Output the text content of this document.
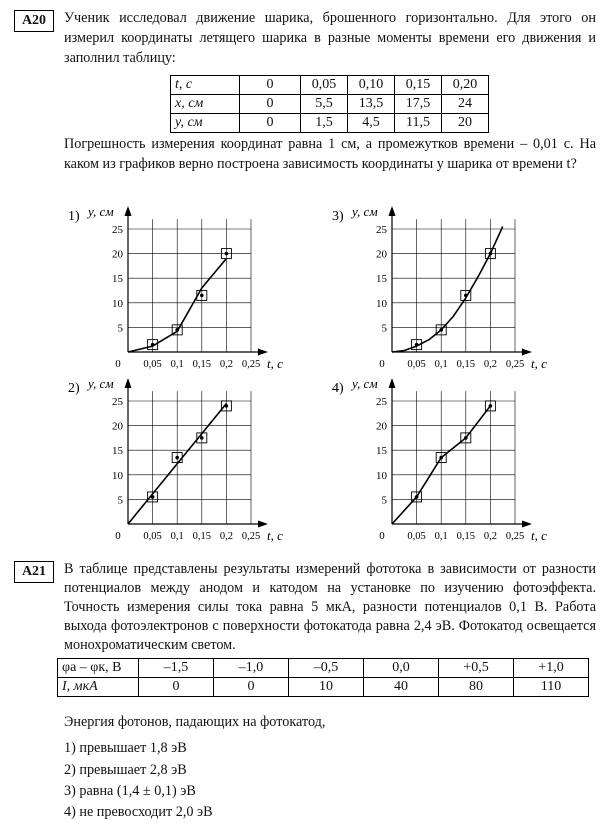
A20	Ученик исследовал движение шарика, брошенного горизонтально. Для этого он измерил координаты летящего шарика в разные моменты времени его движения и заполнил таблицу:
t, с	0	0,05	0,10	0,15	0,20
x, см	0	5,5	13,5	17,5	24
y, см	0	1,5	4,5	11,5	20
Погрешность измерения координат равна 1 см, а промежутков времени – 0,01 с. На каком из графиков верно построена зависимость координаты y шарика от времени t?
1) y, см
t, с
5
10
15
20
25
0,05 0,1 0,15 0,2 0,25
0
3) y, см
t, с
5
10
15
20
25
0,05 0,1 0,15 0,2 0,25
0
2) y, см
t, с
5
10
15
20
25
0,05 0,1 0,15 0,2 0,25
0
4) y, см
t, с
5
10
15
20
25
0,05 0,1 0,15 0,2 0,25
0
A21	В таблице представлены результаты измерений фототока в зависимости от разности потенциалов между анодом и катодом на установке по изучению фотоэффекта. Точность измерения силы тока равна 5 мкА, разности потенциалов 0,1 В. Работа выхода фотоэлектронов с поверхности фотокатода равна 2,4 эВ. Фотокатод освещается монохроматическим светом.
φa – φк, В	–1,5	–1,0	–0,5	0,0	+0,5	+1,0
I, мкА	0	0	10	40	80	110
Энергия фотонов, падающих на фотокатод,
1) превышает 1,8 эВ
2) превышает 2,8 эВ
3) равна (1,4 ± 0,1) эВ
4) не превосходит 2,0 эВ
